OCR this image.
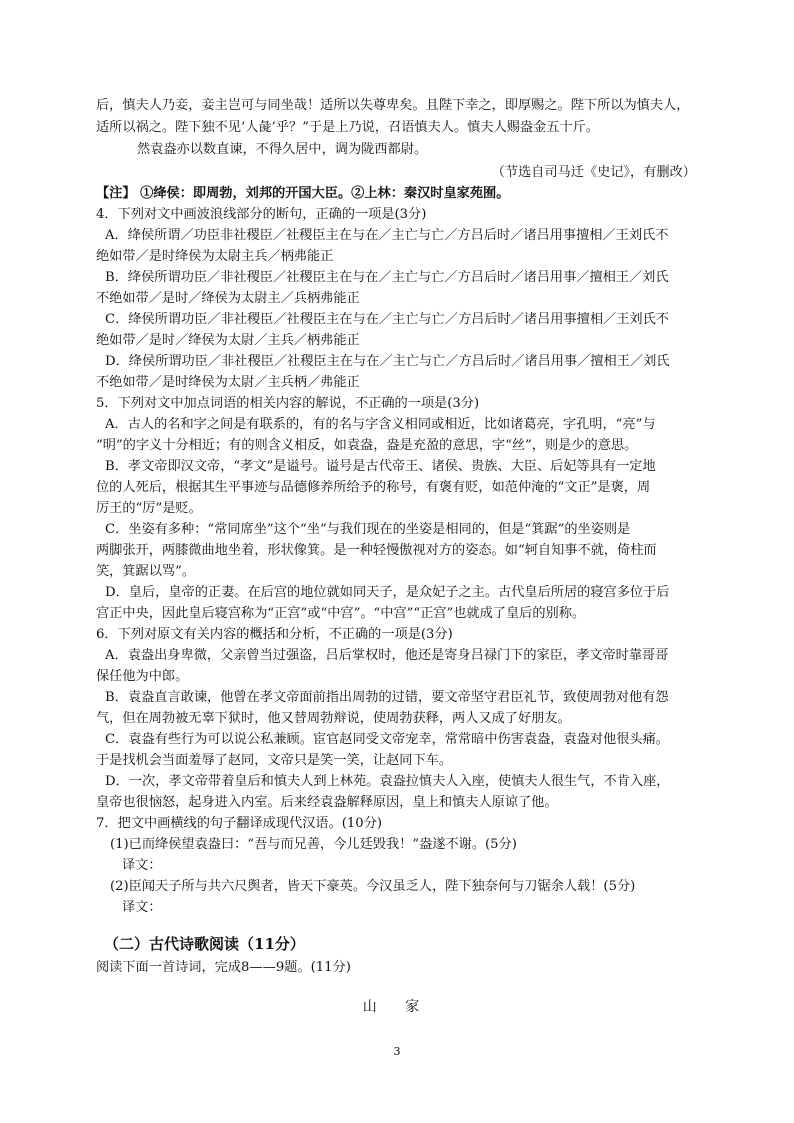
后，慎夫人乃妾，妾主岂可与同坐哉！适所以失尊卑矣。且陛下幸之，即厚赐之。陛下所以为慎夫人，

适所以祸之。陛下独不见‘人彘’乎？”于是上乃说，召语慎夫人。慎夫人赐盎金五十斤。

然袁盎亦以数直谏，不得久居中，调为陇西都尉。

（节选自司马迁《史记》，有删改）

【注】 ①绛侯：即周勃，刘邦的开国大臣。②上林：秦汉时皇家苑囿。

4．下列对文中画波浪线部分的断句，正确的一项是(3分)

A．绛侯所谓／功臣非社稷臣／社稷臣主在与在／主亡与亡／方吕后时／诸吕用事擅相／王刘氏不

绝如带／是时绛侯为太尉主兵／柄弗能正

B．绛侯所谓功臣／非社稷臣／社稷臣主在与在／主亡与亡／方吕后时／诸吕用事／擅相王／刘氏

不绝如带／是时／绛侯为太尉主／兵柄弗能正

C．绛侯所谓功臣／非社稷臣／社稷臣主在与在／主亡与亡／方吕后时／诸吕用事擅相／王刘氏不

绝如带／是时／绛侯为太尉／主兵／柄弗能正

D．绛侯所谓功臣／非社稷臣／社稷臣主在与在／主亡与亡／方吕后时／诸吕用事／擅相王／刘氏

不绝如带／是时绛侯为太尉／主兵柄／弗能正

5．下列对文中加点词语的相关内容的解说，不正确的一项是(3分)

A．古人的名和字之间是有联系的，有的名与字含义相同或相近，比如诸葛亮，字孔明，“亮”与

“明”的字义十分相近；有的则含义相反，如袁盎，盎是充盈的意思，字“丝”，则是少的意思。

B．孝文帝即汉文帝，“孝文”是谥号。谥号是古代帝王、诸侯、贵族、大臣、后妃等具有一定地

位的人死后，根据其生平事迹与品德修养所给予的称号，有褒有贬，如范仲淹的“文正”是褒，周

厉王的“厉”是贬。

C．坐姿有多种：“常同席坐”这个“坐”与我们现在的坐姿是相同的，但是“箕踞”的坐姿则是

两脚张开，两膝微曲地坐着，形状像箕。是一种轻慢傲视对方的姿态。如“轲自知事不就，倚柱而

笑，箕踞以骂”。

D．皇后，皇帝的正妻。在后宫的地位就如同天子，是众妃子之主。古代皇后所居的寝宫多位于后

宫正中央，因此皇后寝宫称为“正宫”或“中宫”。“中宫”“正宫”也就成了皇后的别称。

6．下列对原文有关内容的概括和分析，不正确的一项是(3分)

A．袁盎出身卑微，父亲曾当过强盗，吕后掌权时，他还是寄身吕禄门下的家臣，孝文帝时靠哥哥

保任他为中郎。

B．袁盎直言敢谏，他曾在孝文帝面前指出周勃的过错，要文帝坚守君臣礼节，致使周勃对他有怨

气，但在周勃被无辜下狱时，他又替周勃辩说，使周勃获释，两人又成了好朋友。

C．袁盎有些行为可以说公私兼顾。宦官赵同受文帝宠幸，常常暗中伤害袁盎，袁盎对他很头痛。

于是找机会当面羞辱了赵同，文帝只是笑一笑，让赵同下车。

D．一次，孝文帝带着皇后和慎夫人到上林苑。袁盎拉慎夫人入座，使慎夫人很生气，不肯入座，

皇帝也很恼怒，起身进入内室。后来经袁盎解释原因，皇上和慎夫人原谅了他。

7．把文中画横线的句子翻译成现代汉语。(10分)

(1)已而绛侯望袁盎曰：“吾与而兄善，今儿廷毁我！”盎遂不谢。(5分)

译文：

(2)臣闻天子所与共六尺舆者，皆天下豪英。今汉虽乏人，陛下独奈何与刀锯余人载！(5分)

译文：

（二）古代诗歌阅读（11分）

阅读下面一首诗词，完成8——9题。(11分)

山 家

3
